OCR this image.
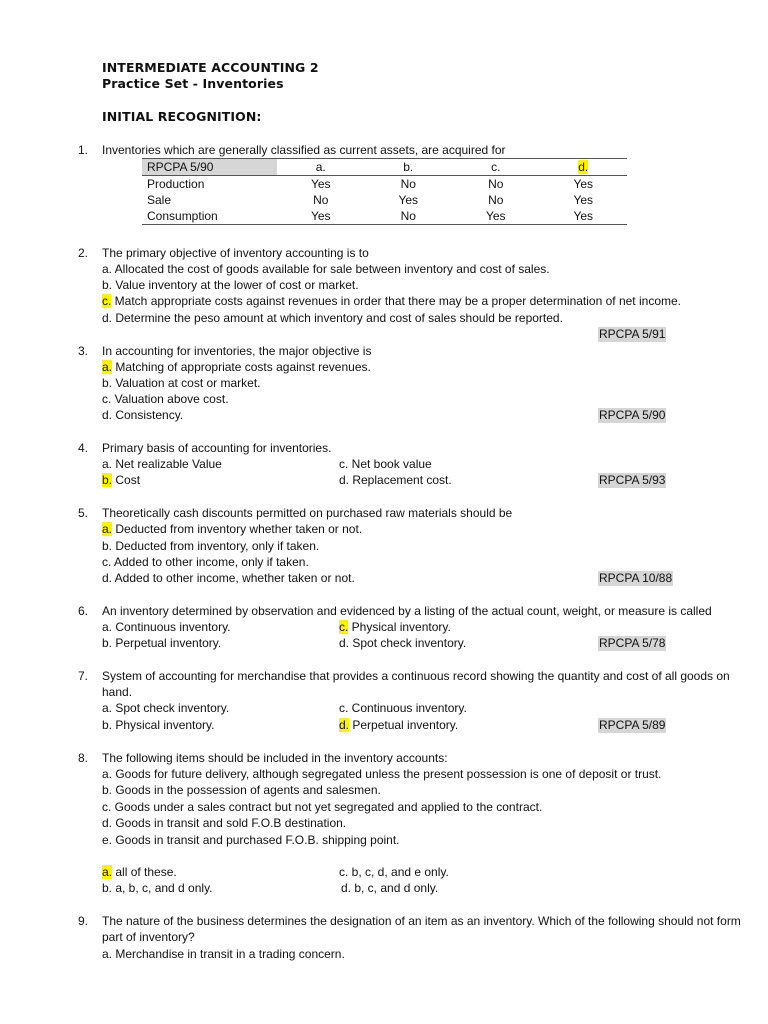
INTERMEDIATE ACCOUNTING 2
Practice Set - Inventories
INITIAL RECOGNITION:
1. Inventories which are generally classified as current assets, are acquired for
RPCPA 5/90	a.	b.	c.	d.
Production	Yes	No	No	Yes
Sale	No	Yes	No	Yes
Consumption	Yes	No	Yes	Yes
2. The primary objective of inventory accounting is to
a. Allocated the cost of goods available for sale between inventory and cost of sales.
b. Value inventory at the lower of cost or market.
c. Match appropriate costs against revenues in order that there may be a proper determination of net income.
d. Determine the peso amount at which inventory and cost of sales should be reported.
RPCPA 5/91
3. In accounting for inventories, the major objective is
a. Matching of appropriate costs against revenues.
b. Valuation at cost or market.
c. Valuation above cost.
d. Consistency.	RPCPA 5/90
4. Primary basis of accounting for inventories.
a. Net realizable Value	c. Net book value
b. Cost	d. Replacement cost.	RPCPA 5/93
5. Theoretically cash discounts permitted on purchased raw materials should be
a. Deducted from inventory whether taken or not.
b. Deducted from inventory, only if taken.
c. Added to other income, only if taken.
d. Added to other income, whether taken or not.	RPCPA 10/88
6. An inventory determined by observation and evidenced by a listing of the actual count, weight, or measure is called
a. Continuous inventory.	c. Physical inventory.
b. Perpetual inventory.	d. Spot check inventory.	RPCPA 5/78
7. System of accounting for merchandise that provides a continuous record showing the quantity and cost of all goods on
hand.
a. Spot check inventory.	c. Continuous inventory.
b. Physical inventory.	d. Perpetual inventory.	RPCPA 5/89
8. The following items should be included in the inventory accounts:
a. Goods for future delivery, although segregated unless the present possession is one of deposit or trust.
b. Goods in the possession of agents and salesmen.
c. Goods under a sales contract but not yet segregated and applied to the contract.
d. Goods in transit and sold F.O.B destination.
e. Goods in transit and purchased F.O.B. shipping point.
a. all of these.	c. b, c, d, and e only.
b. a, b, c, and d only.	d. b, c, and d only.
9. The nature of the business determines the designation of an item as an inventory. Which of the following should not form
part of inventory?
a. Merchandise in transit in a trading concern.
